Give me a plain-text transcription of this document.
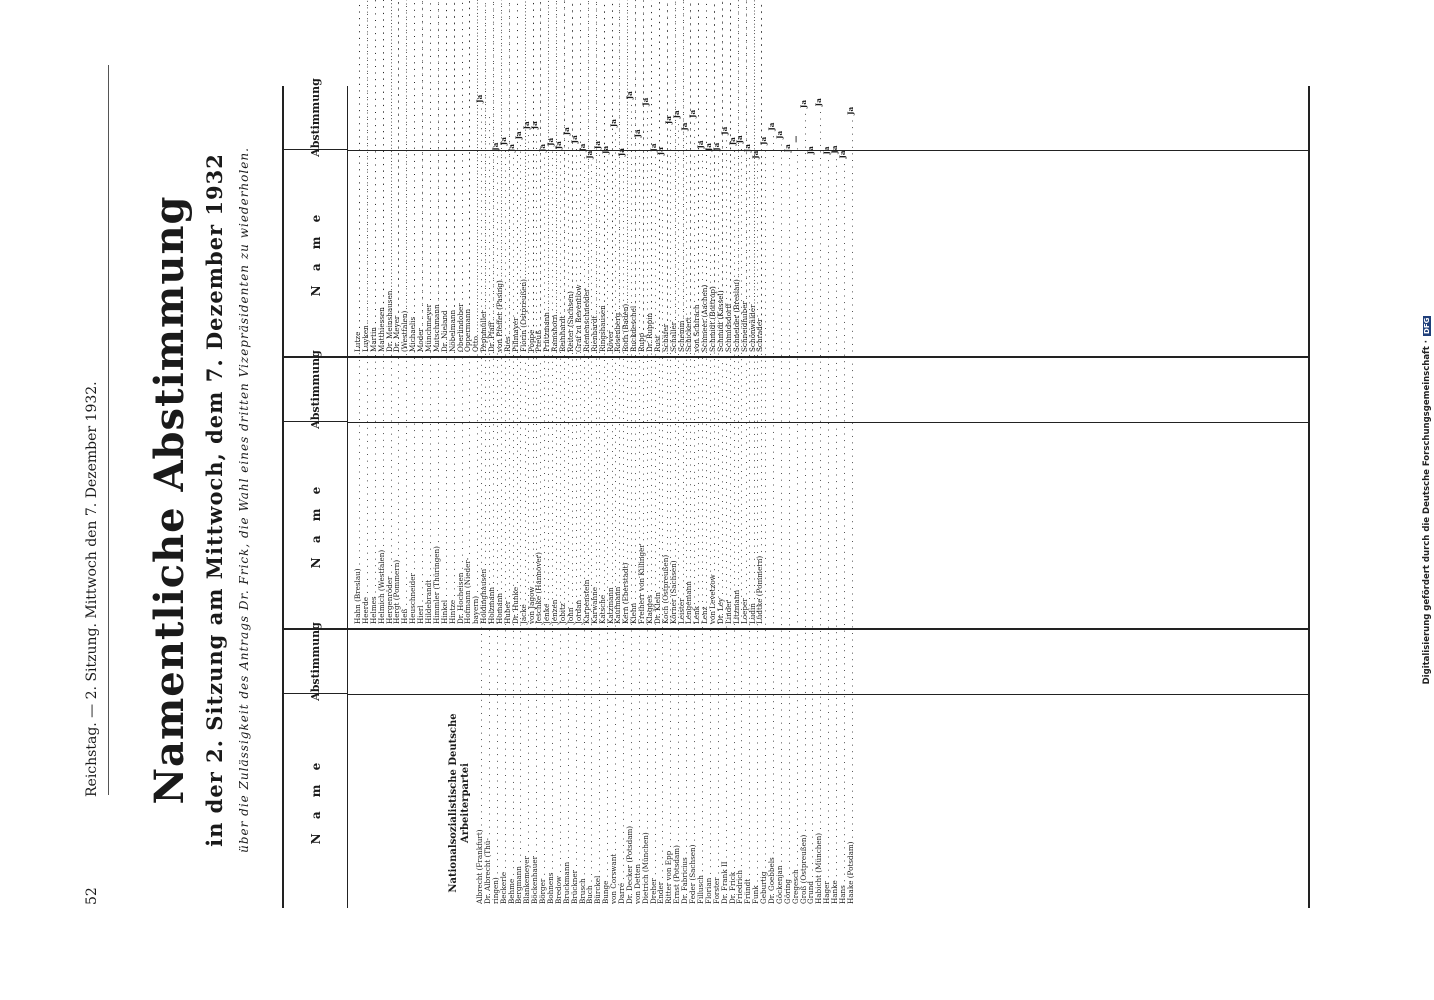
52
Reichstag. — 2. Sitzung. Mittwoch den 7. Dezember 1932. Namentliche Abstimmung in der 2. Sitzung am Mittwoch, dem 7. Dezember 1932 über die Zulässigkeit des Antrags Dr. Frick, die Wahl eines dritten Vizepräsidenten zu wiederholen.	N a m e
Abstimmung
Nationalsozialistische Deutsche Arbeiterpartei
Albrecht (Frankfurt) . . .
Ja
Dr. Albrecht (Thü- . . .
ringen) . . .
Ja
Beckerle . . .
Ja
Behme . . .
Ja
Bergmann . . .
Ja
Blankemeyer . . .
Ja
Böckenhauer . . .
Ja
Börger . . .
Ja
Bohnens . . .
Ja
Bredow . . .
Ja
Bruckmann . . .
Ja
Brückner . . .
Ja
Brusch . . .
Ja
Buch . . .
Ja
Bürckel . . .
Ja
Bunge . . .
Ja
von Corswant . . .
Ja
Darré . . .
Ja
Dr. Decker (Potsdam) . . .
Ja
von Detten . . .
Ja
Dietrich (München) . . .
Ja
Dreher . . .
Ja
Ender . . .
Ja
Ritter von Epp . . .
Ja
Ernst (Potsdam) . . .
Ja
Dr. Fabricius . . .
Ja
Feder (Sachsen) . . .
Ja
Fillusch . . .
Ja
Florian . . .
Ja
Forster . . .
Ja
Dr. Frank II . . .
Ja
Dr. Frick . . .
Ja
Friedrich . . .
Ja
Fründt . . .
Ja
Funk . . .
Ja
Geburtig . . .
Ja
Dr. Goebbels . . .
Ja
Göckenjan . . .
Ja
Göring . . .
Ja
Gregesch . . .
—
Groß (Ostpreußen) . . .
Ja
Grund . . .
Ja
Habicht (München) . . .
Ja
Hager . . .
Ja
Hanke . . .
Ja
Hans . . .
Ja
Haake (Potsdam) . . .
Ja
N a m e
Abstimmung
Hahn (Breslau) . . .
Heerde . . .
Helmes . . .
Helmich (Westfalen) . . .
Hergenröder . . .
Hergt (Pommern) . . .
Heß . . .
Heuschneider . . .
Hierl . . .
Hildebrandt . . .
Himmler (Thüringen) . . .
Hinkel . . .
Hintze . . .
Dr. Hocheisen . . .
Hofmann (Nieder- . . .
bayern) . . .
Holdinghausen . . .
Holzmann . . .
Homann . . .
Huber . . .
Dr. Hunke . . .
Jacke . . .
von Jagow . . .
Jeschke (Hannover) . . .
Jenke . . .
Jenzen . . .
Jobitz . . .
John . . .
Jordan . . .
Karpenstein . . .
Karwahne . . .
Katsche . . .
Katzmann . . .
Kaufmann . . .
Kern (Eberstadt) . . .
Kiehn . . .
Freiherr von Killinger . . .
Klagges . . .
Dr. Klein . . .
Koch (Ostpreußen) . . .
Körner (Sachsen) . . .
Leister . . .
Lengemann . . .
Lenk . . .
Lenz . . .
von Levetzow . . .
Dr. Ley . . .
Linder . . .
Litzmann . . .
Loeper . . .
Ludin . . .
Lüdtke (Pommern) . . .
N a m e
Abstimmung
Lutze . . .
Luyken . . .
Martin . . .
Matthiessen . . .
Dr. Meinshausen . . .
Dr. Meyer . . .
(Westfalen) . . .
Michaelis . . .
Moder . . .
Münchmeyer . . .
Mutschmann . . .
Dr. Nieland . . .
Nöbelmann . . .
Oberlindober . . .
Oppermann . . .
Otto . . .
Peppmüller . . .
Dr. Pfaff . . .
von Pfeffer (Pasing) . . .
Ries . . .
Pillmayer . . .
Florin (Ostpreußen) . . .
Poppe . . .
Preuß . . .
Prützmann . . .
Ramshorn . . .
Reinhardt . . .
Reiter (Sachsen) . . .
Graf zu Reventlow . . .
Riemenschneider . . .
Rienhardt . . .
Ringshausen . . .
Röver . . .
Rosenberg . . .
Roth (Baden) . . .
Ruckdeschel . . .
Rupp . . .
Dr. Ruppin . . .
Rust . . .
Schäfer . . .
Schaller . . .
Schemm . . .
Schickert . . .
von Schirach . . .
Schmeer (Aachen) . . .
Schmidt (Bottrop) . . .
Schmidt (Kassel) . . .
Schmidsdorff . . .
Schneider (Breslau) . . .
Schneidhuber . . .
Schönwälder . . .
Schrader . . .
Digitalisierung gefördert durch die Deutsche Forschungsgemeinschaft ·DFG
